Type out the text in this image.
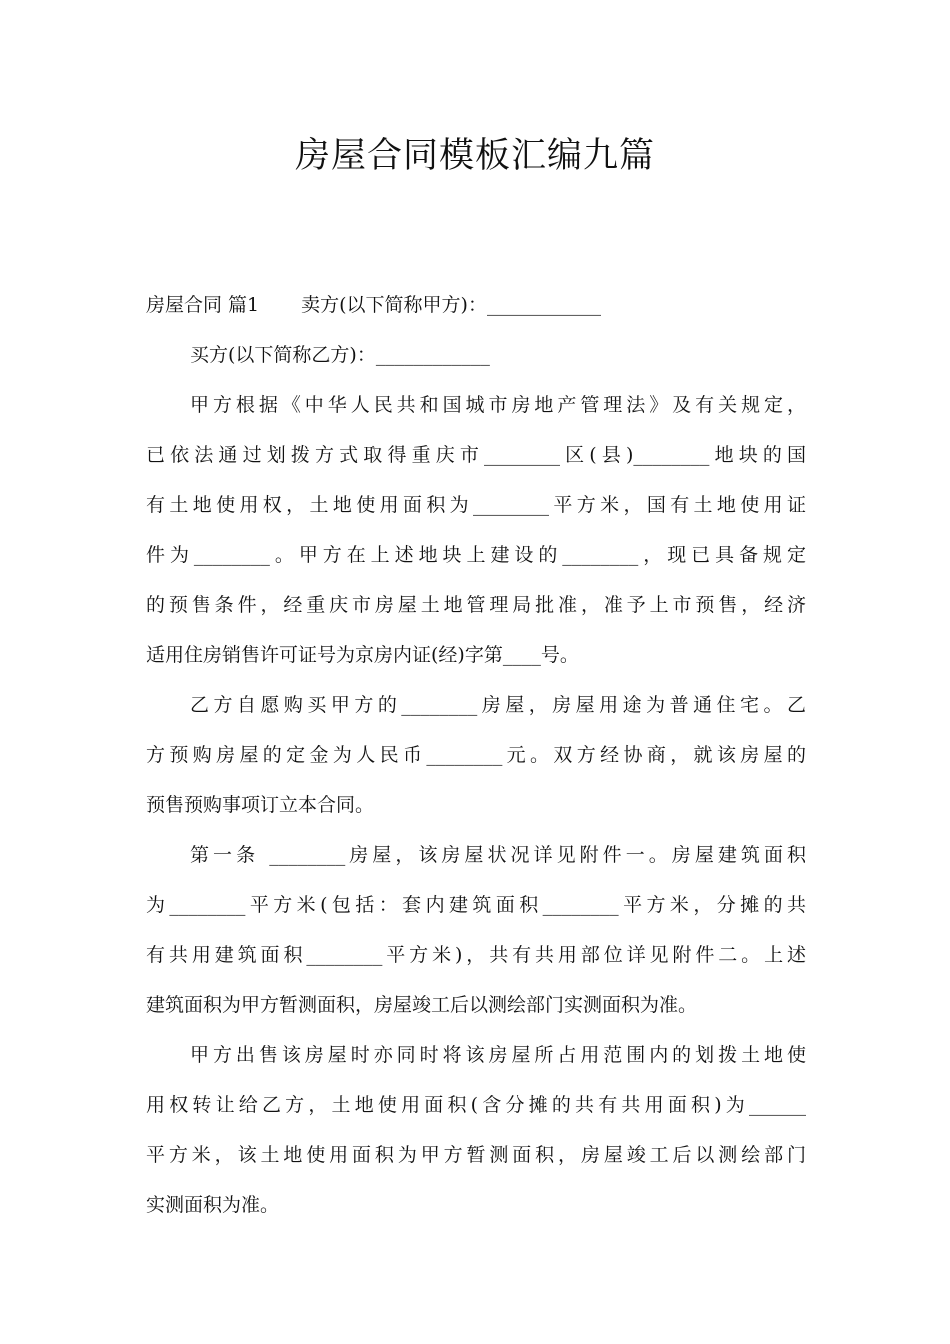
房屋合同模板汇编九篇
房屋合同 篇1 卖方(以下简称甲方)：____________
买方(以下简称乙方)：____________
甲方根据《中华人民共和国城市房地产管理法》及有关规定，
已依法通过划拨方式取得重庆市________区(县)________地块的国
有土地使用权，土地使用面积为________平方米，国有土地使用证
件为________。甲方在上述地块上建设的________，现已具备规定
的预售条件，经重庆市房屋土地管理局批准，准予上市预售，经济
适用住房销售许可证号为京房内证(经)字第____号。
乙方自愿购买甲方的________房屋，房屋用途为普通住宅。乙
方预购房屋的定金为人民币________元。双方经协商，就该房屋的
预售预购事项订立本合同。
第一条 ________房屋，该房屋状况详见附件一。房屋建筑面积
为________平方米(包括：套内建筑面积________平方米，分摊的共
有共用建筑面积________平方米)，共有共用部位详见附件二。上述
建筑面积为甲方暂测面积，房屋竣工后以测绘部门实测面积为准。
甲方出售该房屋时亦同时将该房屋所占用范围内的划拨土地使
用权转让给乙方，土地使用面积(含分摊的共有共用面积)为______
平方米，该土地使用面积为甲方暂测面积，房屋竣工后以测绘部门
实测面积为准。
